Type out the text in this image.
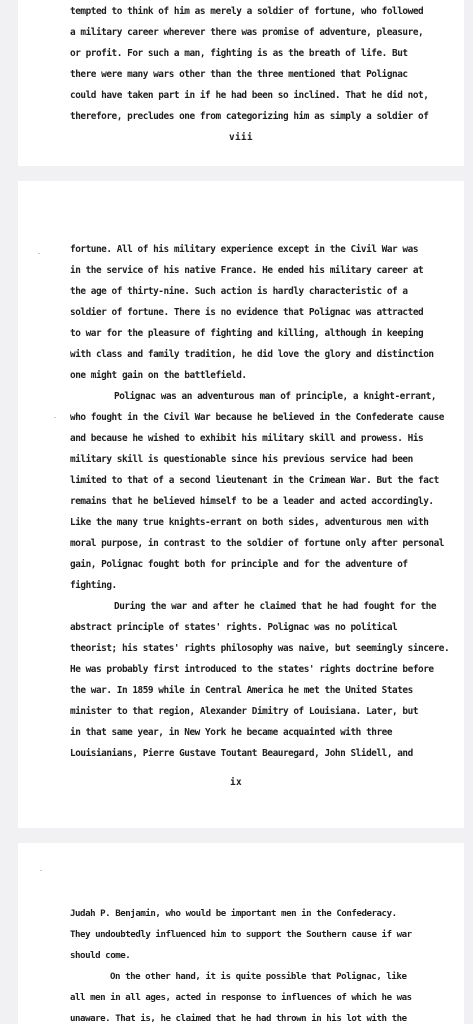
tempted to think of him as merely a soldier of fortune, who followed
a military career wherever there was promise of adventure, pleasure,
or profit. For such a man, fighting is as the breath of life. But
there were many wars other than the three mentioned that Polignac
could have taken part in if he had been so inclined. That he did not,
therefore, precludes one from categorizing him as simply a soldier of
viii
fortune. All of his military experience except in the Civil War was
in the service of his native France. He ended his military career at
the age of thirty-nine. Such action is hardly characteristic of a
soldier of fortune. There is no evidence that Polignac was attracted
to war for the pleasure of fighting and killing, although in keeping
with class and family tradition, he did love the glory and distinction
one might gain on the battlefield.
Polignac was an adventurous man of principle, a knight-errant,
who fought in the Civil War because he believed in the Confederate cause
and because he wished to exhibit his military skill and prowess. His
military skill is questionable since his previous service had been
limited to that of a second lieutenant in the Crimean War. But the fact
remains that he believed himself to be a leader and acted accordingly.
Like the many true knights-errant on both sides, adventurous men with
moral purpose, in contrast to the soldier of fortune only after personal
gain, Polignac fought both for principle and for the adventure of
fighting.
During the war and after he claimed that he had fought for the
abstract principle of states' rights. Polignac was no political
theorist; his states' rights philosophy was naive, but seemingly sincere.
He was probably first introduced to the states' rights doctrine before
the war. In 1859 while in Central America he met the United States
minister to that region, Alexander Dimitry of Louisiana. Later, but
in that same year, in New York he became acquainted with three
Louisianians, Pierre Gustave Toutant Beauregard, John Slidell, and
ix
Judah P. Benjamin, who would be important men in the Confederacy.
They undoubtedly influenced him to support the Southern cause if war
should come.
On the other hand, it is quite possible that Polignac, like
all men in all ages, acted in response to influences of which he was
unaware. That is, he claimed that he had thrown in his lot with the
